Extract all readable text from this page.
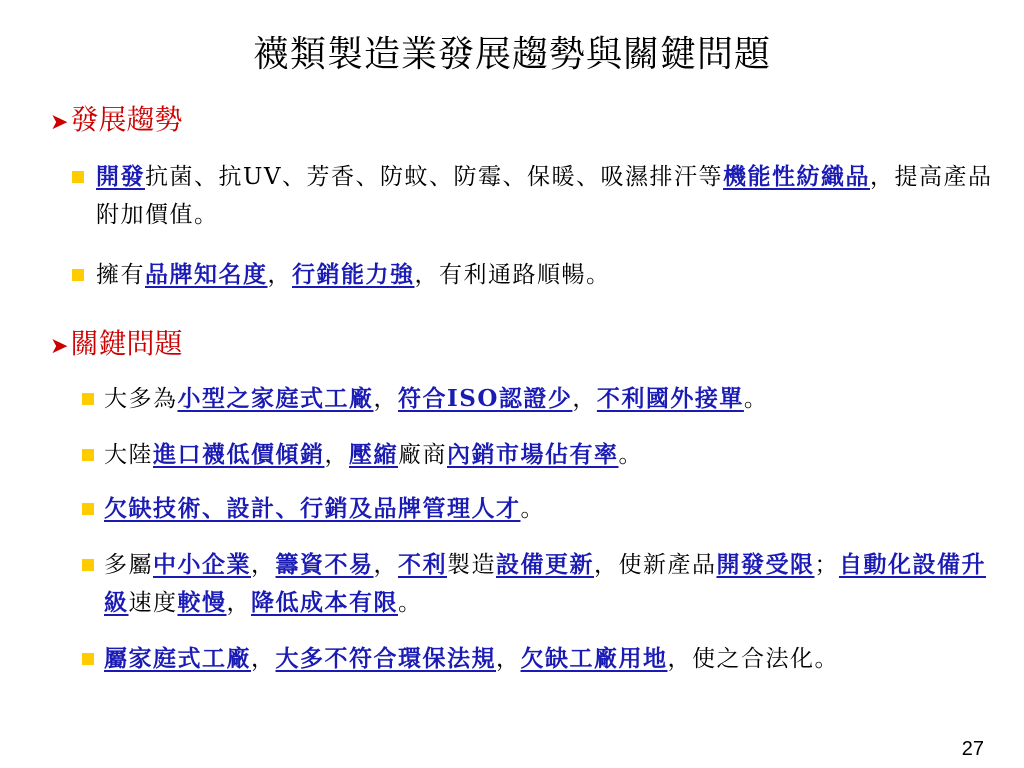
襪類製造業發展趨勢與關鍵問題
➤發展趨勢
開發抗菌、抗UV、芳香、防蚊、防霉、保暖、吸濕排汗等機能性紡織品，提高產品附加價值。
擁有品牌知名度，行銷能力強，有利通路順暢。
➤關鍵問題
大多為小型之家庭式工廠，符合ISO認證少，不利國外接單。
大陸進口襪低價傾銷，壓縮廠商內銷市場佔有率。
欠缺技術、設計、行銷及品牌管理人才。
多屬中小企業，籌資不易，不利製造設備更新，使新產品開發受限；自動化設備升級速度較慢，降低成本有限。
屬家庭式工廠，大多不符合環保法規，欠缺工廠用地，使之合法化。
27
